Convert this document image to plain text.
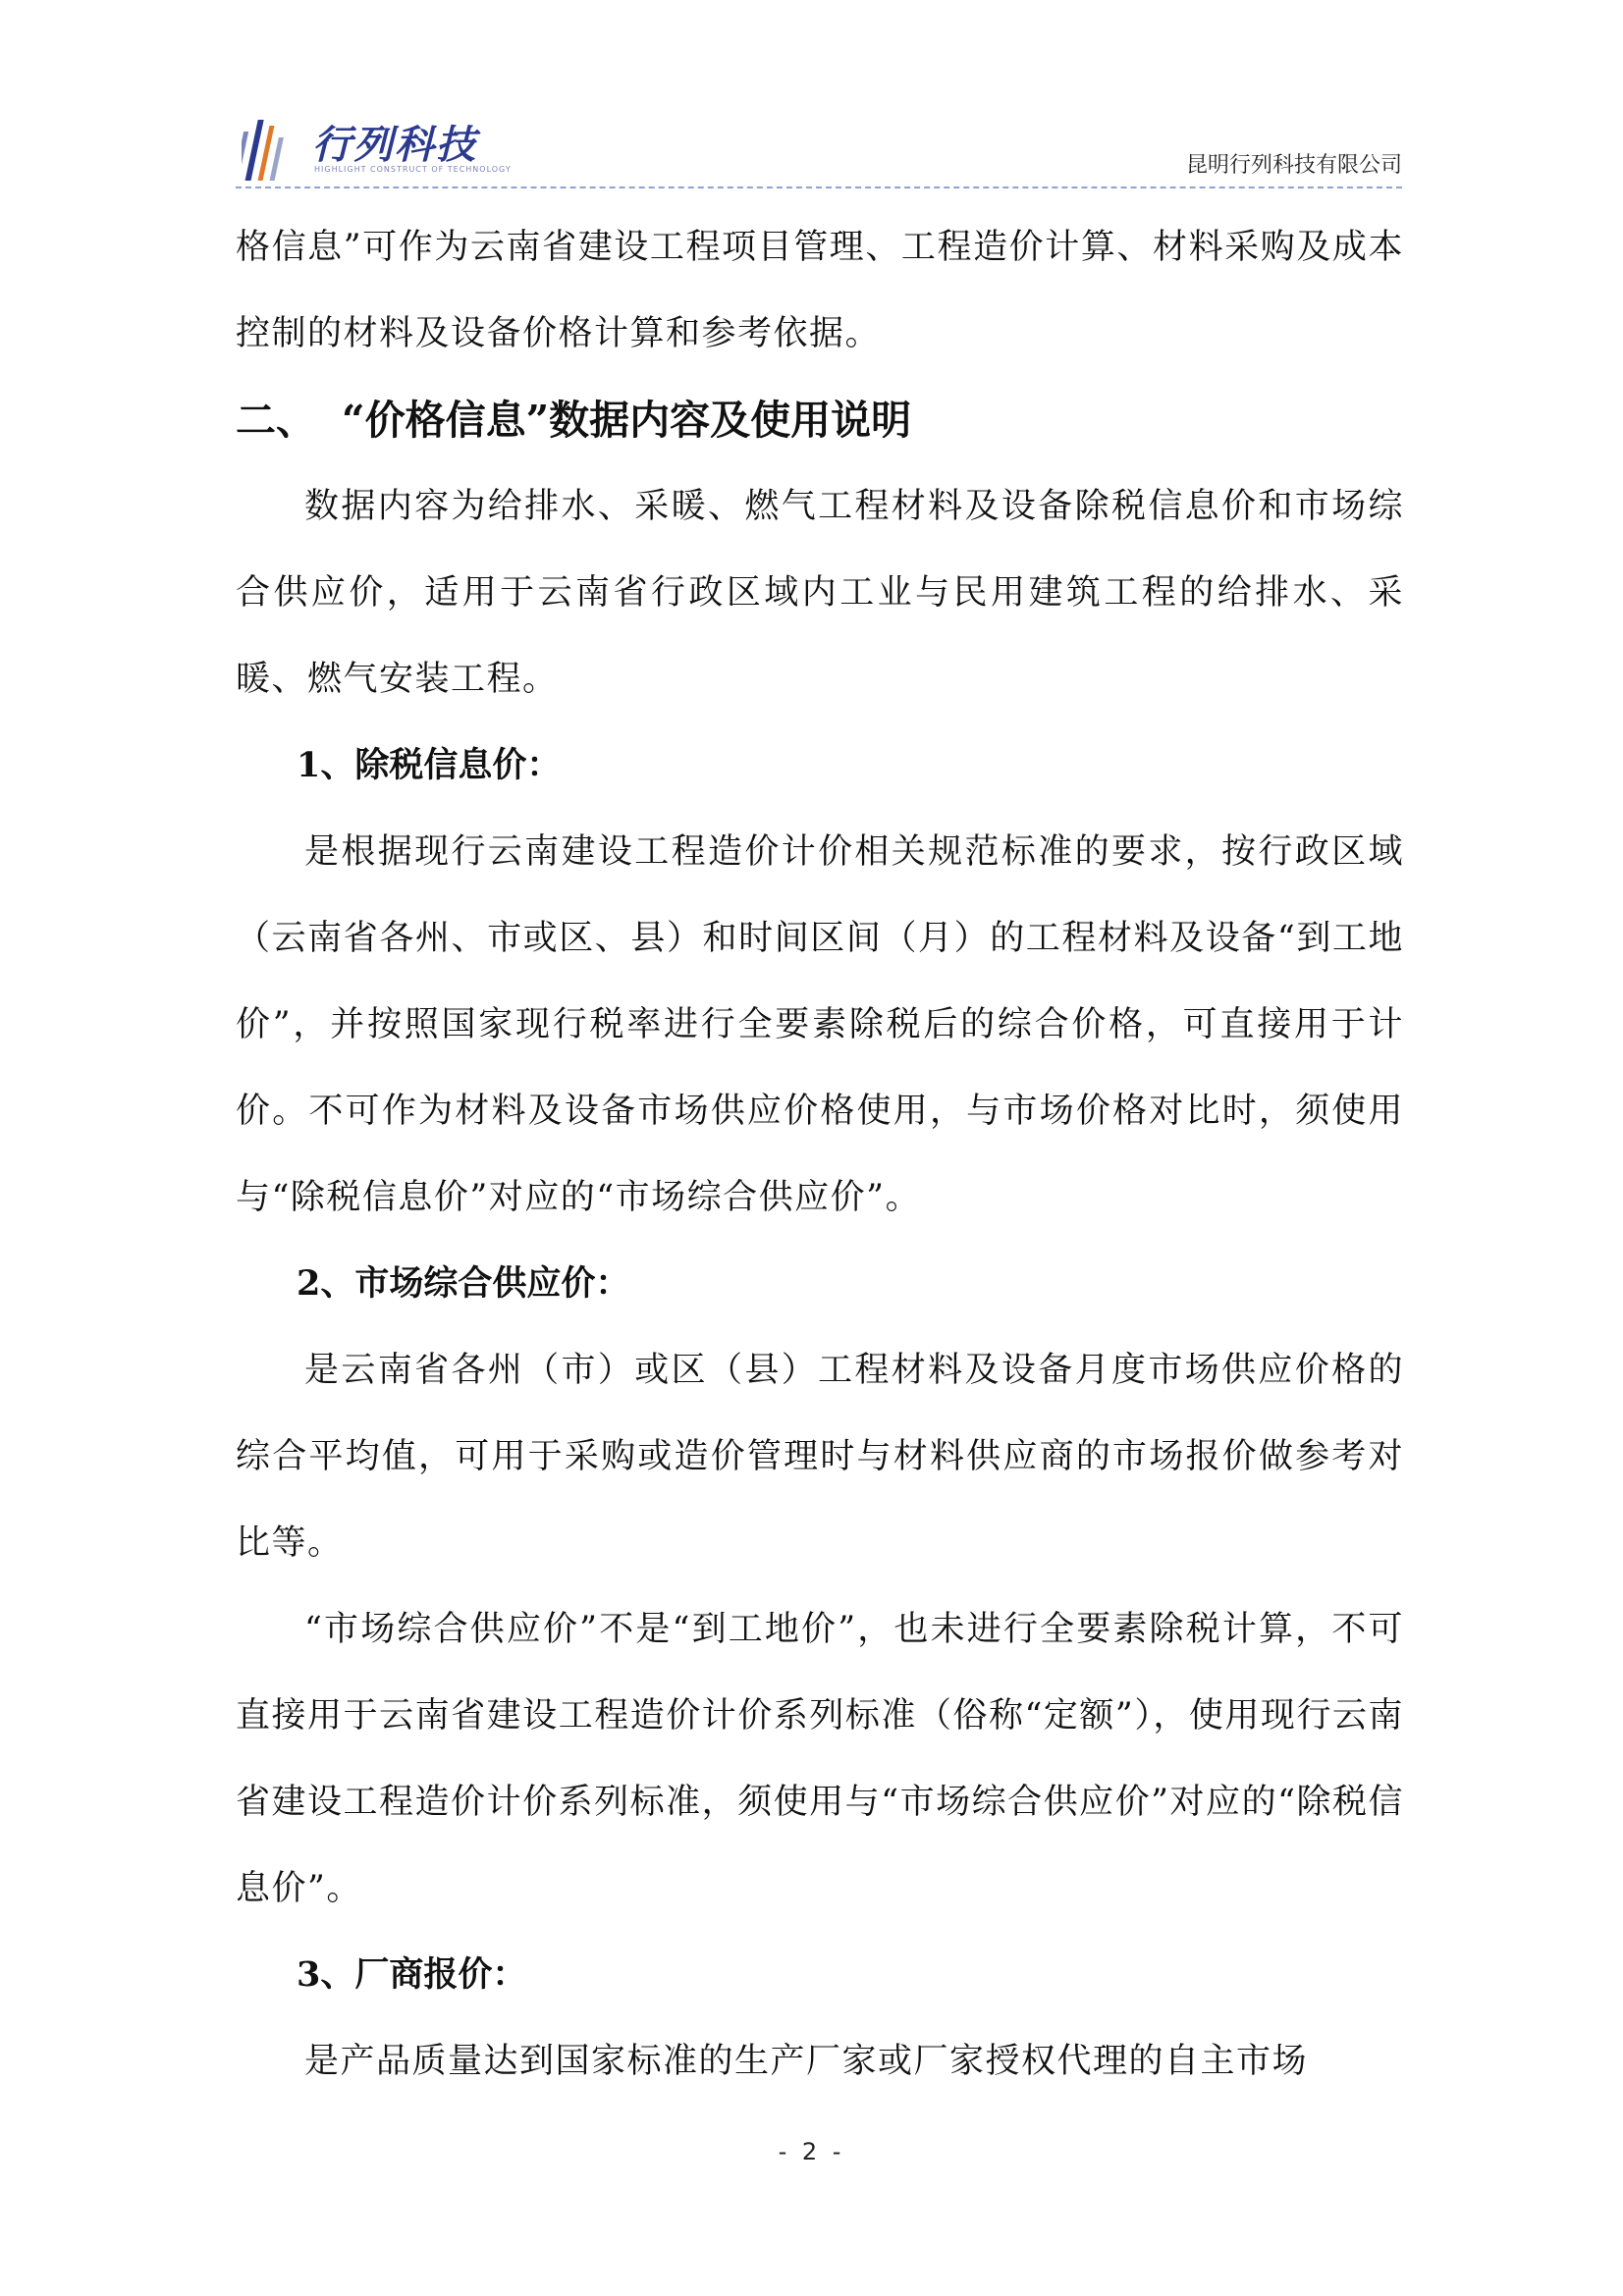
行列科技
HIGHLIGHT CONSTRUCT OF TECHNOLOGY	昆明行列科技有限公司

格信息”可作为云南省建设工程项目管理、工程造价计算、材料采购及成本控制的材料及设备价格计算和参考依据。

二、 “价格信息”数据内容及使用说明

数据内容为给排水、采暖、燃气工程材料及设备除税信息价和市场综合供应价，适用于云南省行政区域内工业与民用建筑工程的给排水、采暖、燃气安装工程。

1、除税信息价：

是根据现行云南建设工程造价计价相关规范标准的要求，按行政区域（云南省各州、市或区、县）和时间区间（月）的工程材料及设备“到工地价”，并按照国家现行税率进行全要素除税后的综合价格，可直接用于计价。不可作为材料及设备市场供应价格使用，与市场价格对比时，须使用与“除税信息价”对应的“市场综合供应价”。

2、市场综合供应价：

是云南省各州（市）或区（县）工程材料及设备月度市场供应价格的综合平均值，可用于采购或造价管理时与材料供应商的市场报价做参考对比等。

“市场综合供应价”不是“到工地价”，也未进行全要素除税计算，不可直接用于云南省建设工程造价计价系列标准（俗称“定额”），使用现行云南省建设工程造价计价系列标准，须使用与“市场综合供应价”对应的“除税信息价”。

3、厂商报价：

是产品质量达到国家标准的生产厂家或厂家授权代理的自主市场

- 2 -
